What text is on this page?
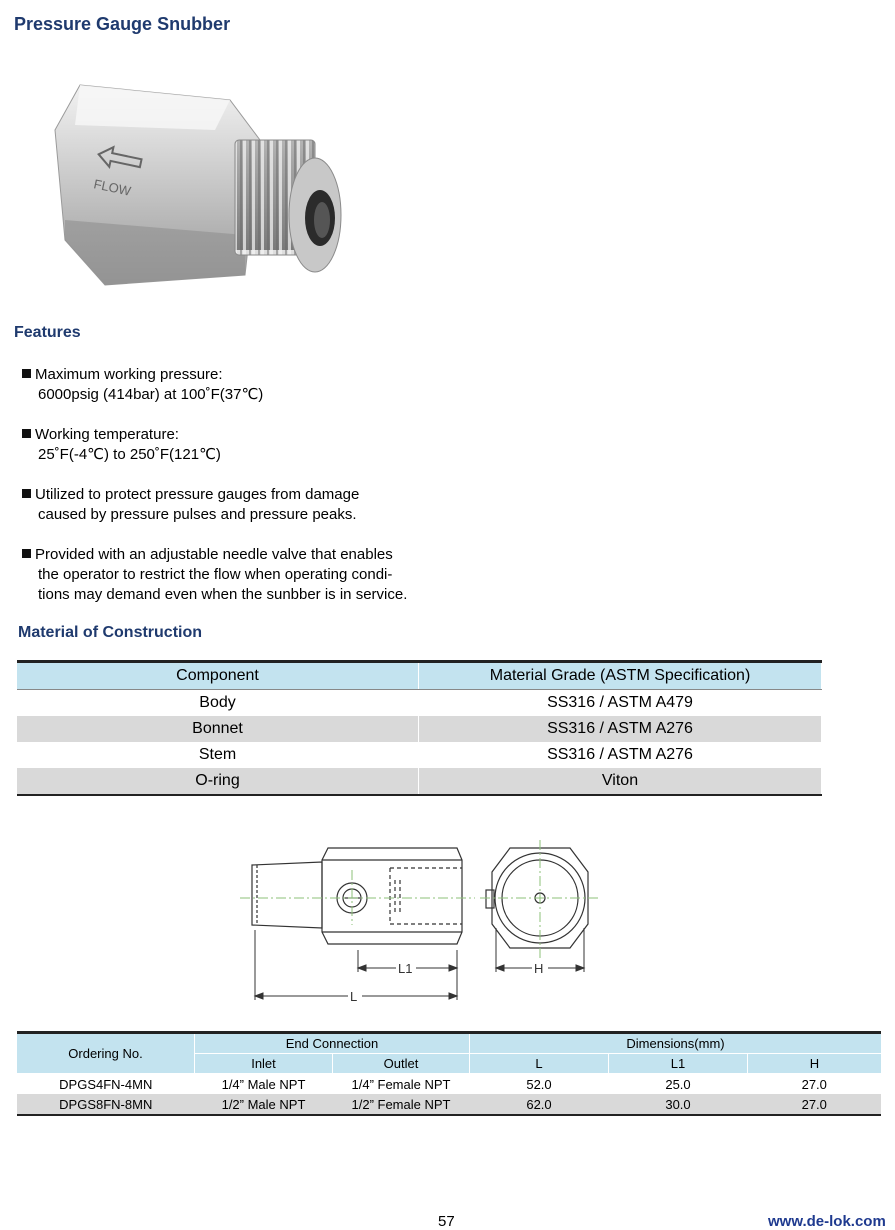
Pressure Gauge Snubber
FLOW
Features
Maximum working pressure:
6000psig (414bar) at 100˚F(37℃)
Working temperature:
25˚F(-4℃) to 250˚F(121℃)
Utilized to protect pressure gauges from damage
caused by pressure pulses and pressure peaks.
Provided with an adjustable needle valve that enables
the operator to restrict the flow when operating condi-
tions may demand even when the sunbber is in service.
Material of Construction
Component	Material Grade (ASTM Specification)
Body	SS316 / ASTM A479
Bonnet	SS316 / ASTM A276
Stem	SS316 / ASTM A276
O-ring	Viton
L1
L
H
Ordering No.	End Connection		Dimensions(mm)		
	Inlet	Outlet	L	L1	H
DPGS4FN-4MN	1/4” Male NPT	1/4” Female NPT	52.0	25.0	27.0
DPGS8FN-8MN	1/2” Male NPT	1/2” Female NPT	62.0	30.0	27.0
57	www.de-lok.com
